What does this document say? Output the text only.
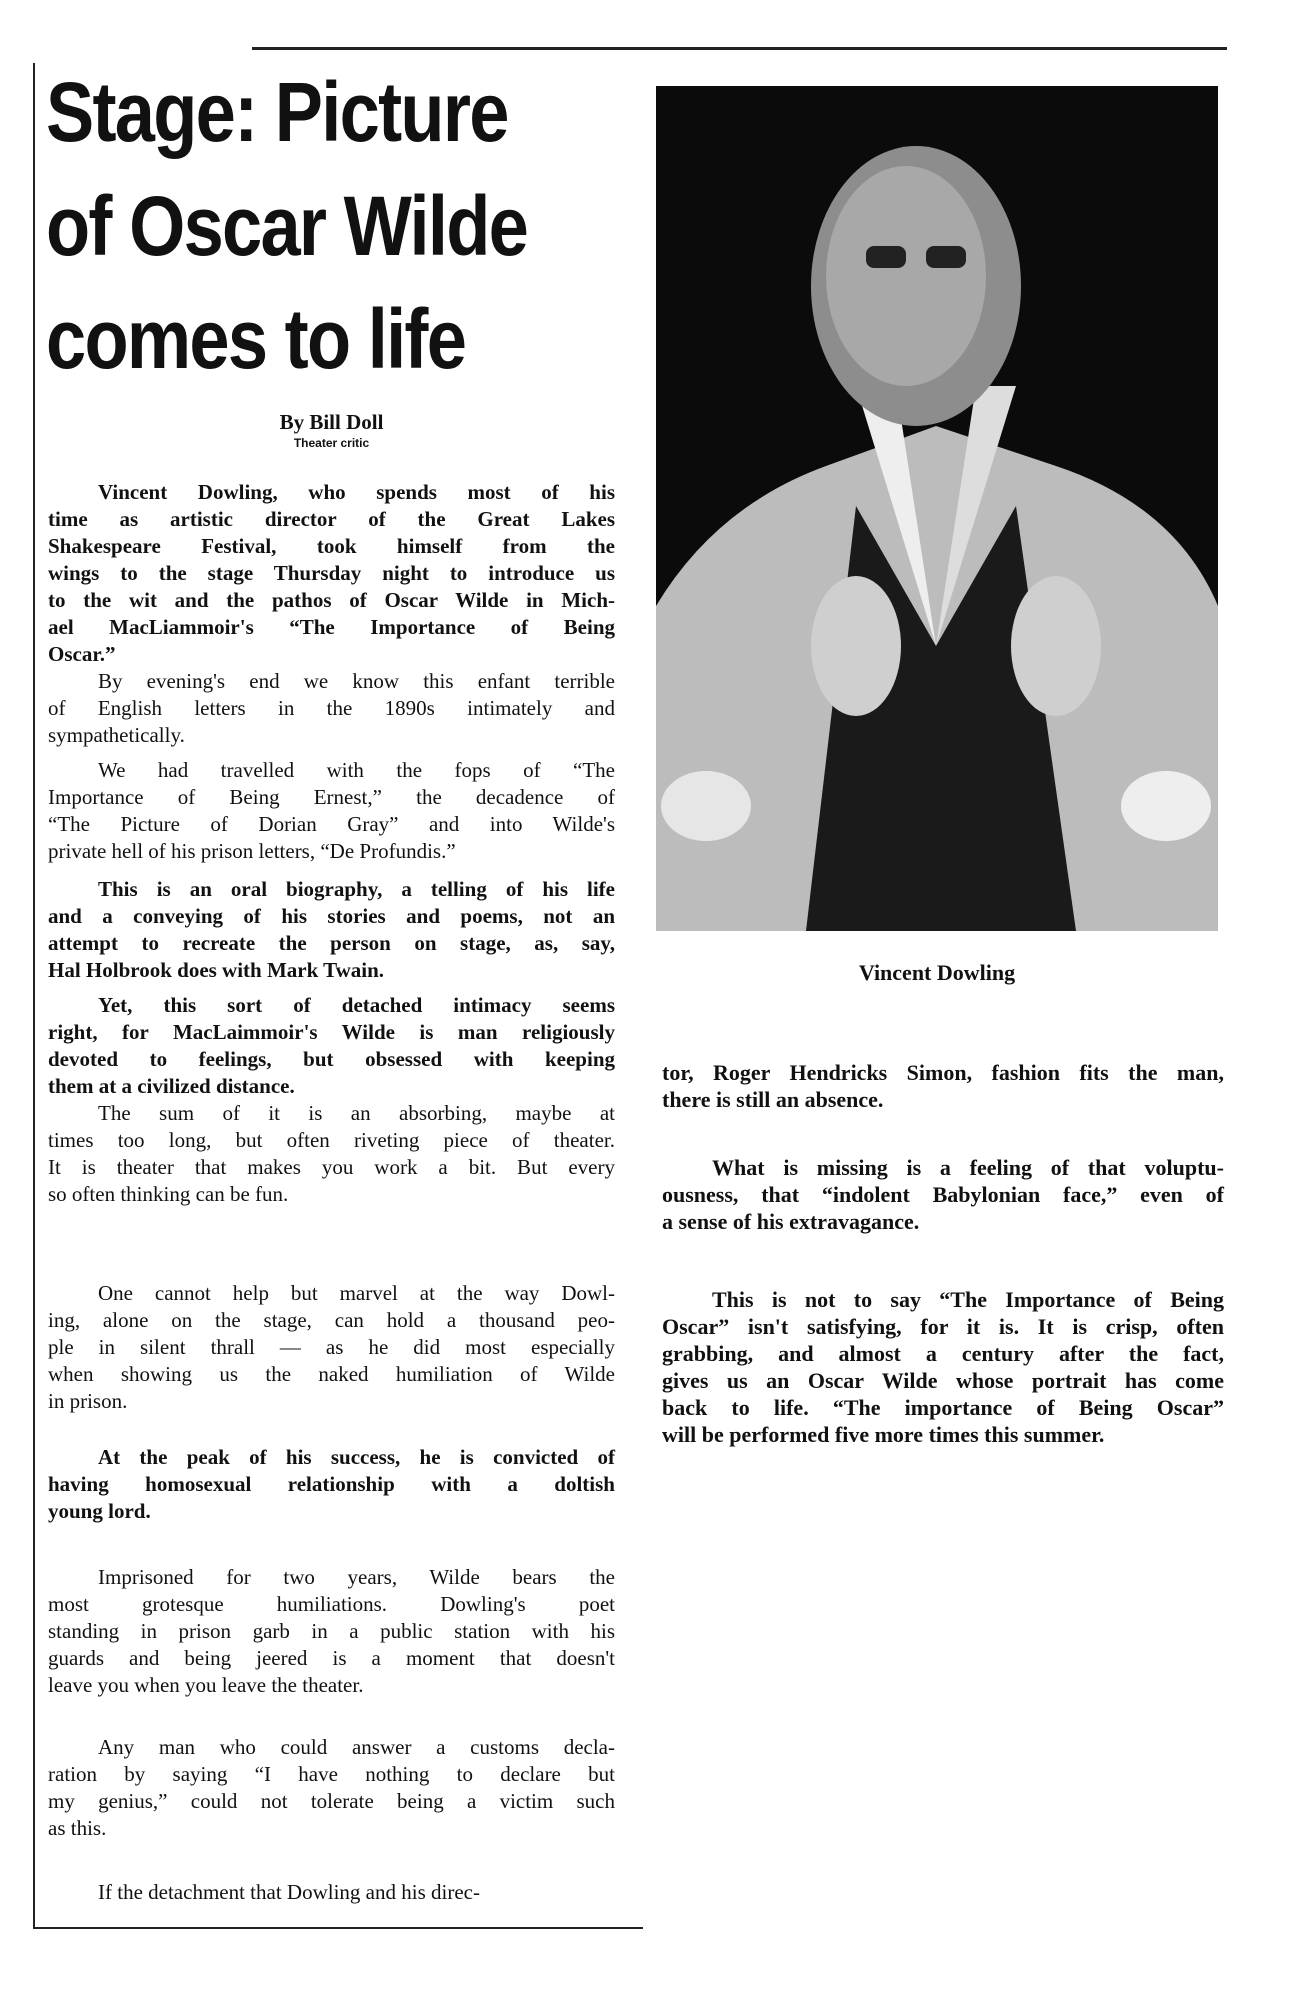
Stage: Picture
of Oscar Wilde
comes to life
By Bill Doll
Theater critic
Vincent Dowling
Vincent Dowling, who spends most of his
time as artistic director of the Great Lakes
Shakespeare Festival, took himself from the
wings to the stage Thursday night to introduce us
to the wit and the pathos of Oscar Wilde in Mich-
ael MacLiammoir's “The Importance of Being
Oscar.”
By evening's end we know this enfant terrible
of English letters in the 1890s intimately and
sympathetically.
We had travelled with the fops of “The
Importance of Being Ernest,” the decadence of
“The Picture of Dorian Gray” and into Wilde's
private hell of his prison letters, “De Profundis.”
This is an oral biography, a telling of his life
and a conveying of his stories and poems, not an
attempt to recreate the person on stage, as, say,
Hal Holbrook does with Mark Twain.
Yet, this sort of detached intimacy seems
right, for MacLaimmoir's Wilde is man religiously
devoted to feelings, but obsessed with keeping
them at a civilized distance.
The sum of it is an absorbing, maybe at
times too long, but often riveting piece of theater.
It is theater that makes you work a bit. But every
so often thinking can be fun.
One cannot help but marvel at the way Dowl-
ing, alone on the stage, can hold a thousand peo-
ple in silent thrall — as he did most especially
when showing us the naked humiliation of Wilde
in prison.
At the peak of his success, he is convicted of
having homosexual relationship with a doltish
young lord.
Imprisoned for two years, Wilde bears the
most grotesque humiliations. Dowling's poet
standing in prison garb in a public station with his
guards and being jeered is a moment that doesn't
leave you when you leave the theater.
Any man who could answer a customs decla-
ration by saying “I have nothing to declare but
my genius,” could not tolerate being a victim such
as this.
If the detachment that Dowling and his direc-
tor, Roger Hendricks Simon, fashion fits the man,
there is still an absence.
What is missing is a feeling of that voluptu-
ousness, that “indolent Babylonian face,” even of
a sense of his extravagance.
This is not to say “The Importance of Being
Oscar” isn't satisfying, for it is. It is crisp, often
grabbing, and almost a century after the fact,
gives us an Oscar Wilde whose portrait has come
back to life. “The importance of Being Oscar”
will be performed five more times this summer.
